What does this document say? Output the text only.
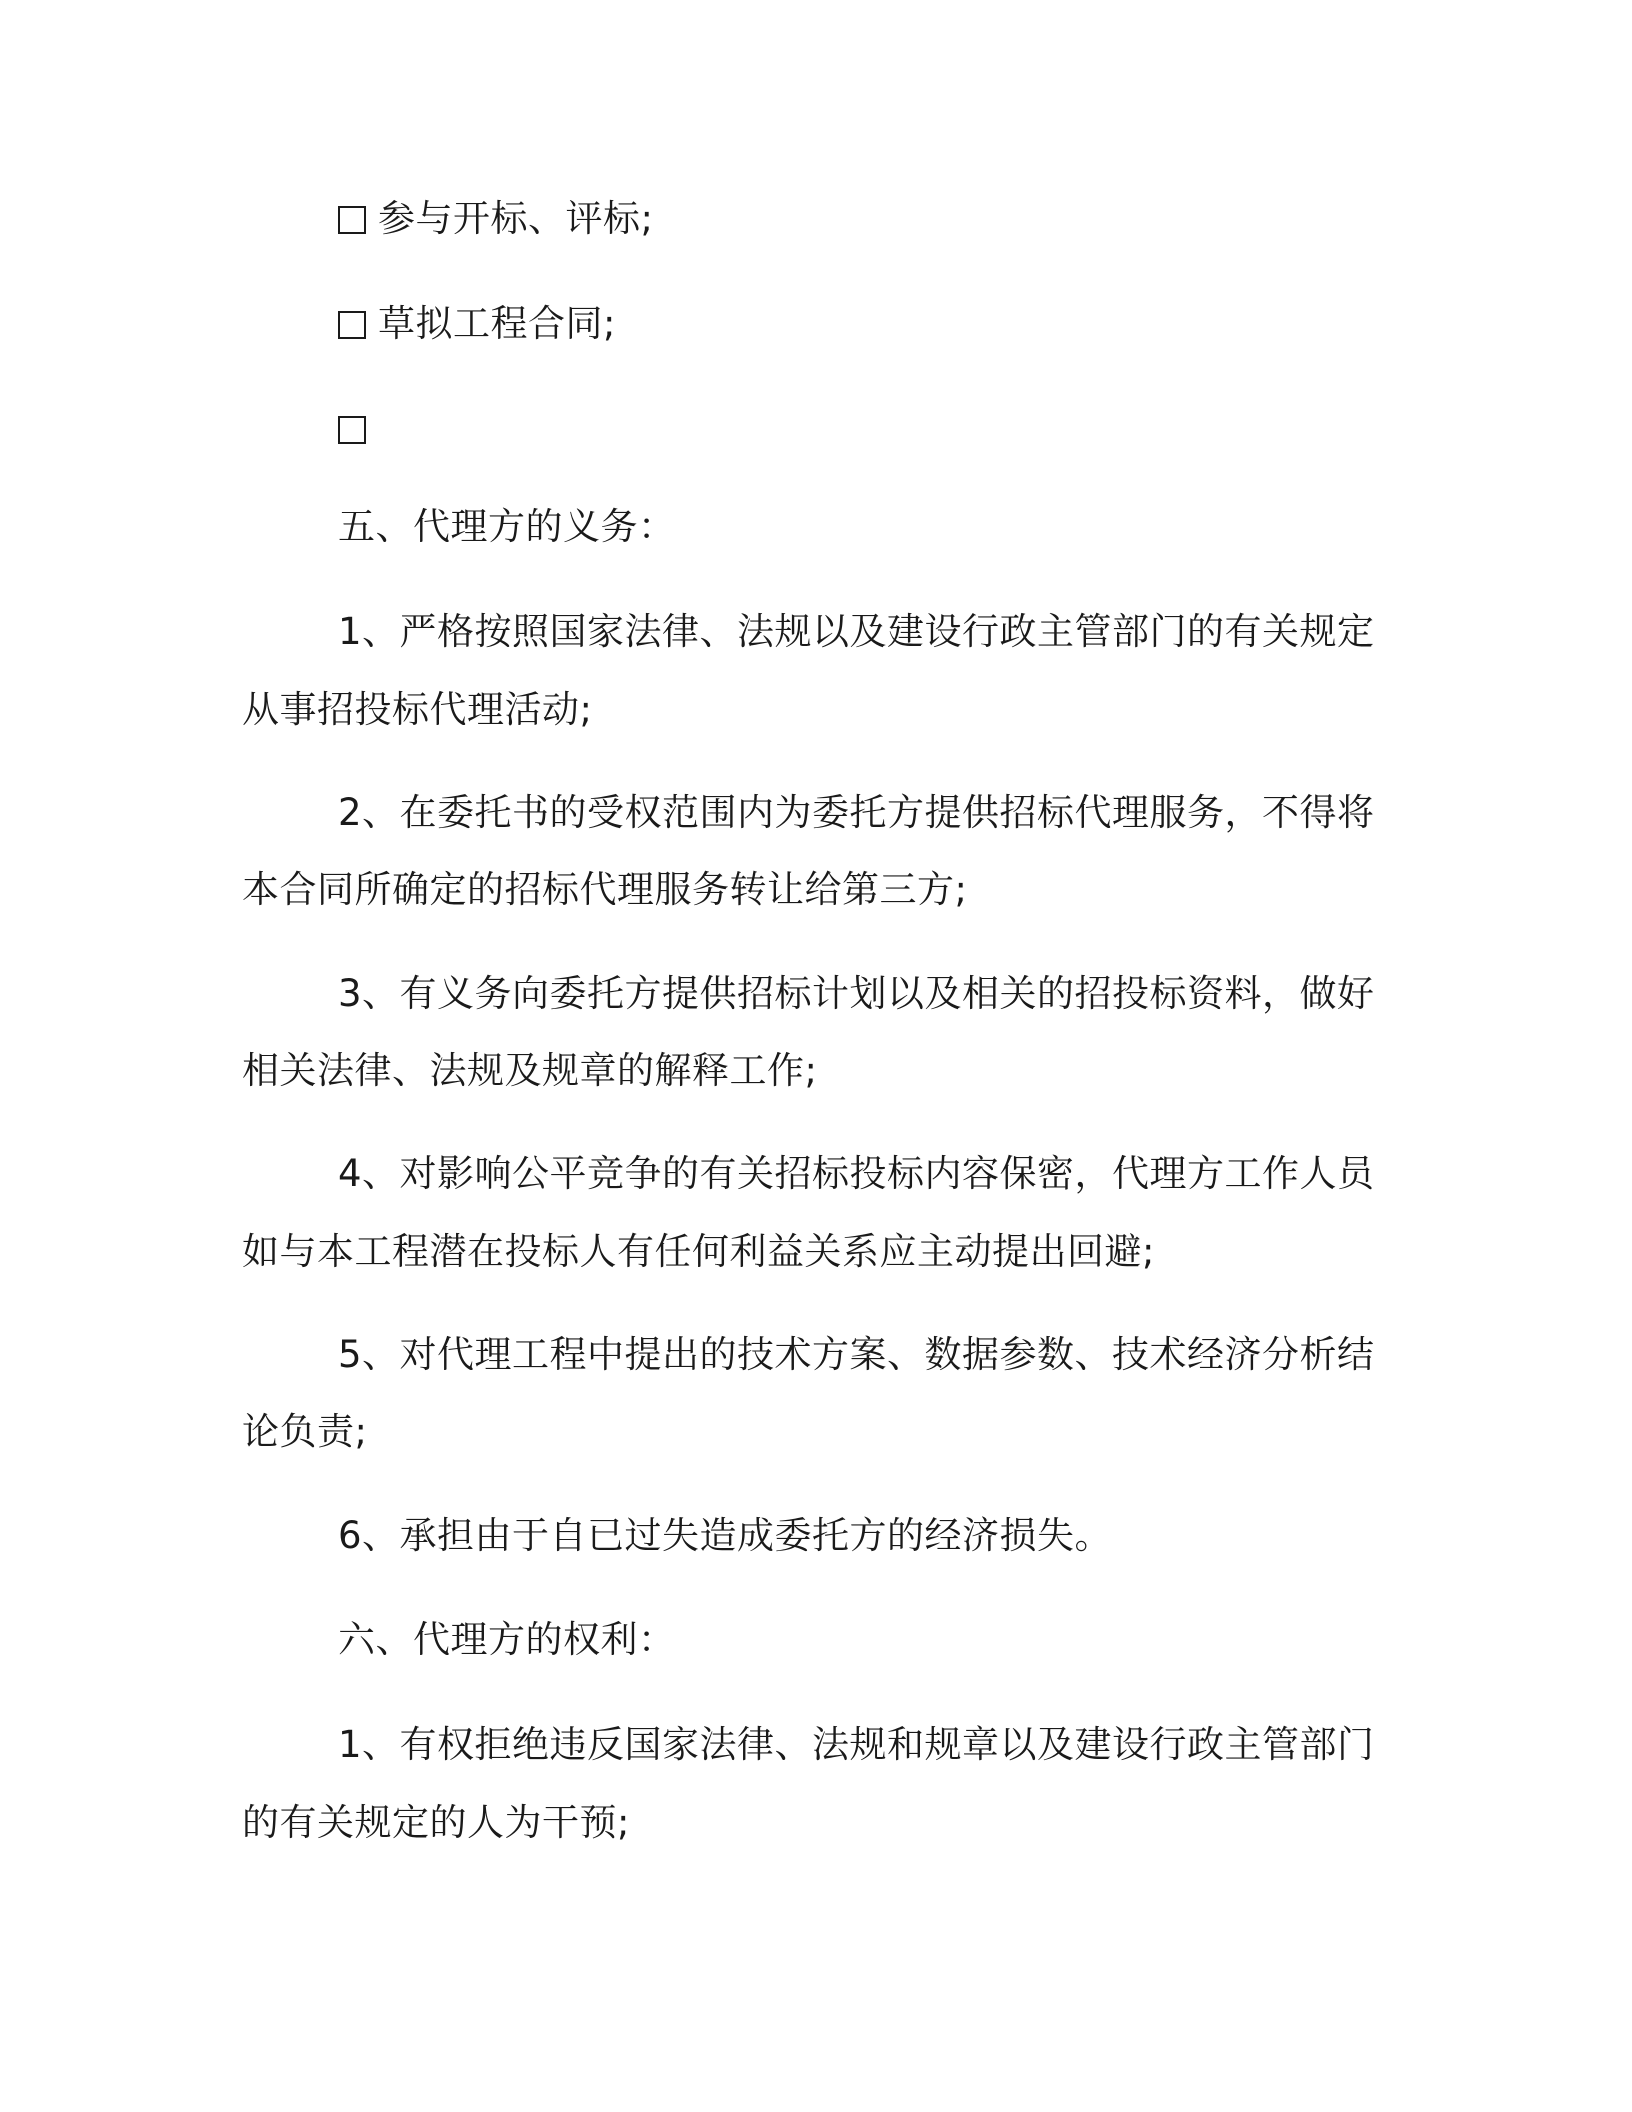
参与开标、评标;
草拟工程合同;
五、代理方的义务：
1、严格按照国家法律、法规以及建设行政主管部门的有关规定
从事招投标代理活动;
2、在委托书的受权范围内为委托方提供招标代理服务，不得将
本合同所确定的招标代理服务转让给第三方;
3、有义务向委托方提供招标计划以及相关的招投标资料，做好
相关法律、法规及规章的解释工作;
4、对影响公平竞争的有关招标投标内容保密，代理方工作人员
如与本工程潜在投标人有任何利益关系应主动提出回避;
5、对代理工程中提出的技术方案、数据参数、技术经济分析结
论负责;
6、承担由于自已过失造成委托方的经济损失。
六、代理方的权利：
1、有权拒绝违反国家法律、法规和规章以及建设行政主管部门
的有关规定的人为干预;
